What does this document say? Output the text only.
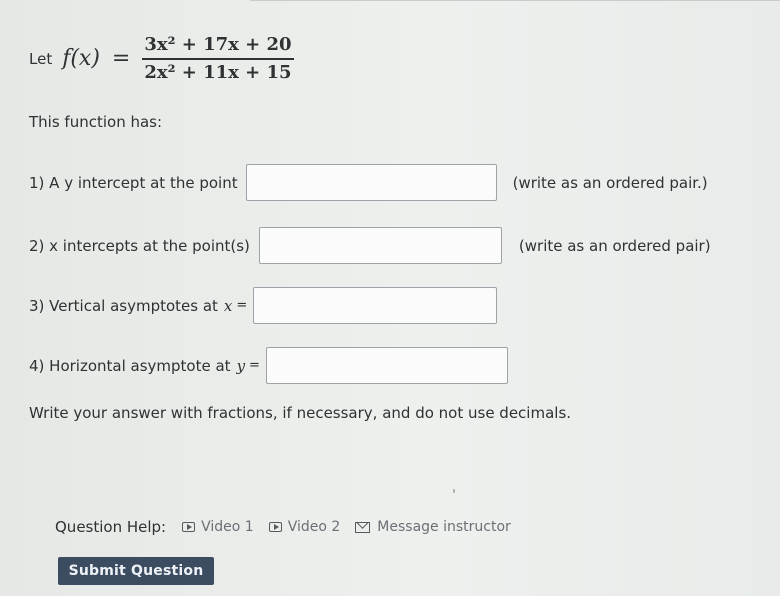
Let $f(x) = \frac{\text{3x² + 17x + 20}}{\text{2x² + 11x + 15}}$
This function has:
1) A y intercept at the point	(write as an ordered pair.)
2) x intercepts at the point(s)	(write as an ordered pair)
3) Vertical asymptotes at x =
4) Horizontal asymptote at y =
Write your answer with fractions, if necessary, and do not use decimals.
Question Help:	Video 1 Video 2	Message instructor
Submit Question
